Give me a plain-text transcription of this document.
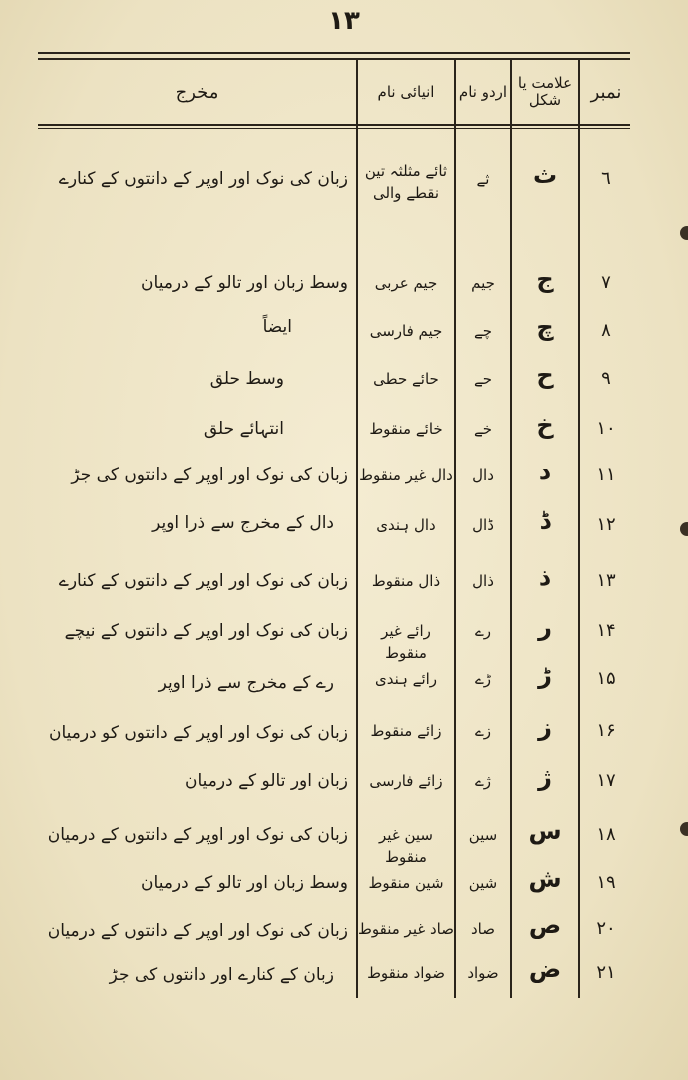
۱۳
نمبر
علامت یا شکل
اردو نام
انیائی نام
مخرج
٦
ث
ثے
ثائے مثلثہ تین نقطے والی
زبان کی نوک اور اوپر کے دانتوں کے کنارے
۷
ج
جیم
جیم عربی
وسط زبان اور تالو کے درمیان
۸
چ
چے
جیم فارسی
ایضاً
۹
ح
حے
حائے حطی
وسط حلق
۱۰
خ
خے
خائے منقوط
انتہائے حلق
۱۱
د
دال
دال غیر منقوط
زبان کی نوک اور اوپر کے دانتوں کی جڑ
۱۲
ڈ
ڈال
دال ہندی
دال کے مخرج سے ذرا اوپر
۱۳
ذ
ذال
ذال منقوط
زبان کی نوک اور اوپر کے دانتوں کے کنارے
۱۴
ر
رے
رائے غیر منقوط
زبان کی نوک اور اوپر کے دانتوں کے نیچے
۱۵
ڑ
ڑے
رائے ہندی
رے کے مخرج سے ذرا اوپر
۱۶
ز
زے
زائے منقوط
زبان کی نوک اور اوپر کے دانتوں کو درمیان
۱۷
ژ
ژے
زائے فارسی
زبان اور تالو کے درمیان
۱۸
س
سین
سین غیر منقوط
زبان کی نوک اور اوپر کے دانتوں کے درمیان
۱۹
ش
شین
شین منقوط
وسط زبان اور تالو کے درمیان
۲۰
ص
صاد
صاد غیر منقوط
زبان کی نوک اور اوپر کے دانتوں کے درمیان
۲۱
ض
ضواد
ضواد منقوط
زبان کے کنارے اور دانتوں کی جڑ
